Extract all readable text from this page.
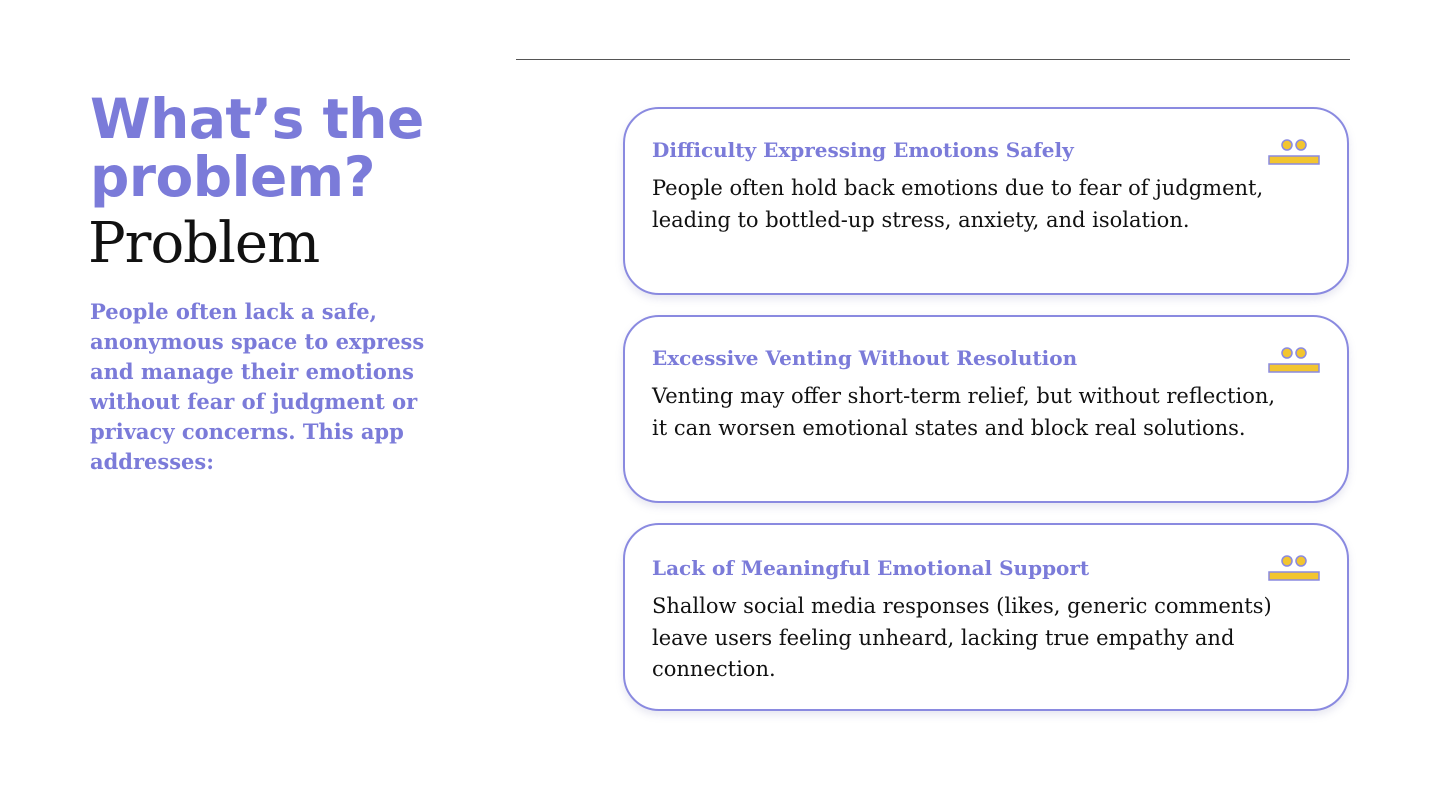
What’s the problem?
Problem

People often lack a safe, anonymous space to express and manage their emotions without fear of judgment or privacy concerns. This app addresses:

Difficulty Expressing Emotions Safely

People often hold back emotions due to fear of judgment, leading to bottled-up stress, anxiety, and isolation.

Excessive Venting Without Resolution

Venting may offer short-term relief, but without reflection, it can worsen emotional states and block real solutions.

Lack of Meaningful Emotional Support

Shallow social media responses (likes, generic comments) leave users feeling unheard, lacking true empathy and connection.
